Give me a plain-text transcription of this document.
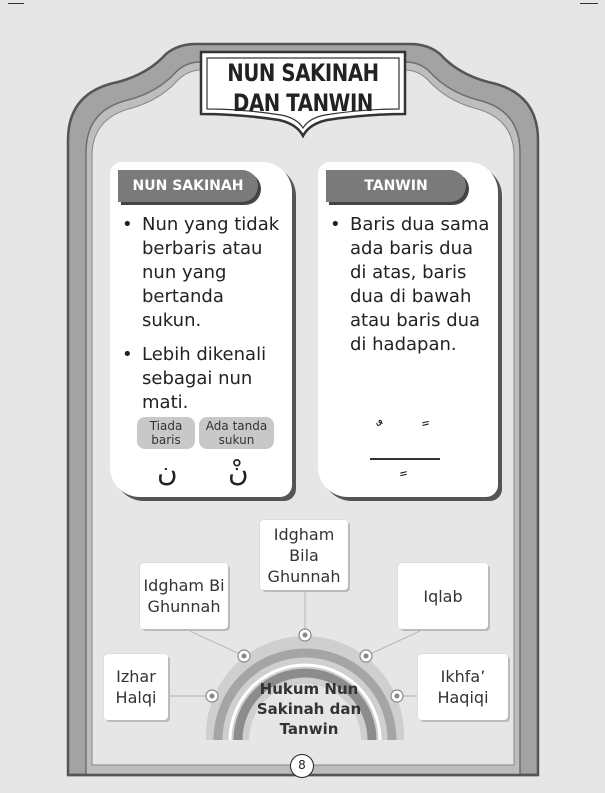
NUN SAKINAH
DAN TANWIN
NUN SAKINAH
• Nun yang tidak berbaris atau nun yang bertanda sukun.
• Lebih dikenali sebagai nun mati.
Tiada baris
Ada tanda sukun
ن نْ
TANWIN
• Baris dua sama ada baris dua di atas, baris dua di bawah atau baris dua di hadapan.
Hukum Nun Sakinah dan Tanwin
Izhar Halqi
Idgham Bi Ghunnah
Idgham Bila Ghunnah
Iqlab
Ikhfa’ Haqiqi
8
